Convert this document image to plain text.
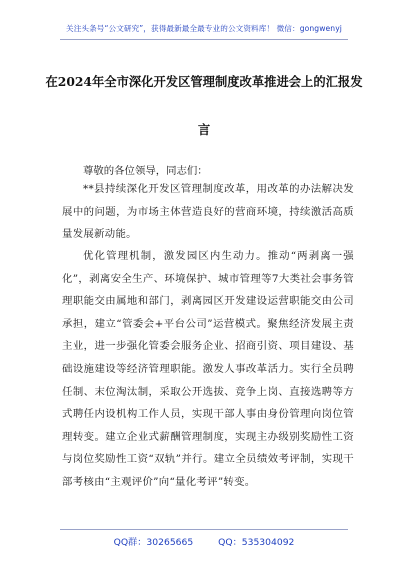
关注头条号“公文研究”，获得最新最全最专业的公文资料库！ 微信：gongwenyj
在2024年全市深化开发区管理制度改革推进会上的汇报发
言
尊敬的各位领导，同志们：
**县持续深化开发区管理制度改革，用改革的办法解决发展中的问题，为市场主体营造良好的营商环境，持续激活高质量发展新动能。
优化管理机制，激发园区内生动力。推动“两剥离一强化”，剥离安全生产、环境保护、城市管理等7大类社会事务管理职能交由属地和部门，剥离园区开发建设运营职能交由公司承担，建立“管委会+平台公司”运营模式。聚焦经济发展主责主业，进一步强化管委会服务企业、招商引资、项目建设、基础设施建设等经济管理职能。激发人事改革活力。实行全员聘任制、末位淘汰制，采取公开选拔、竞争上岗、直接选聘等方式聘任内设机构工作人员，实现干部人事由身份管理向岗位管理转变。建立企业式薪酬管理制度，实现主办级别奖励性工资与岗位奖励性工资“双轨”并行。建立全员绩效考评制，实现干部考核由“主观评价”向“量化考评”转变。
QQ群：30265665	QQ：535304092
